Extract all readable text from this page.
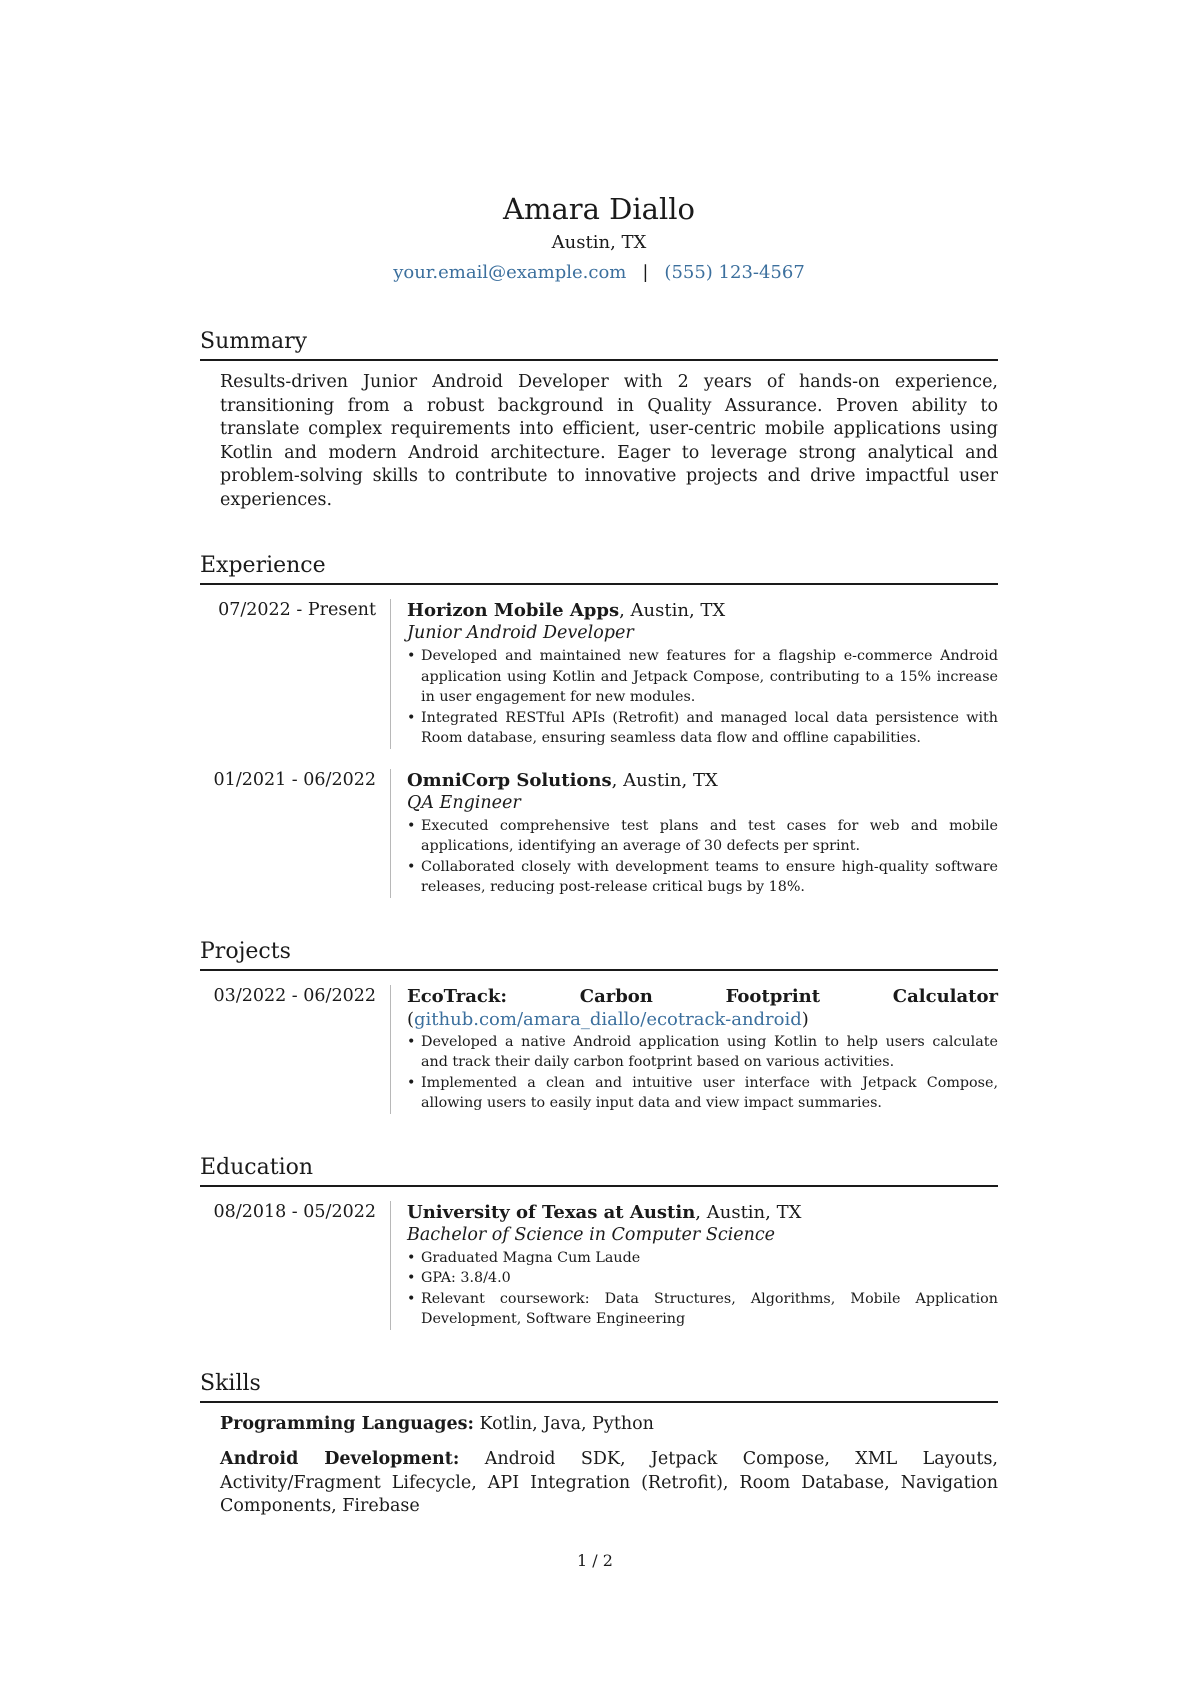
Amara Diallo
Austin, TX
your.email@example.com | (555) 123-4567
Summary

Results-driven Junior Android Developer with 2 years of hands-on experience, transitioning from a robust background in Quality Assurance. Proven ability to translate complex requirements into efficient, user-centric mobile applications using Kotlin and modern Android architecture. Eager to leverage strong analytical and problem-solving skills to contribute to innovative projects and drive impactful user experiences.

Experience
07/2022 - Present	Horizon Mobile Apps, Austin, TX
Junior Android Developer
• Developed and maintained new features for a flagship e-commerce Android application using Kotlin and Jetpack Compose, contributing to a 15% increase in user engagement for new modules.
• Integrated RESTful APIs (Retrofit) and managed local data persistence with Room database, ensuring seamless data flow and offline capabilities.
01/2021 - 06/2022	OmniCorp Solutions, Austin, TX
QA Engineer
• Executed comprehensive test plans and test cases for web and mobile applications, identifying an average of 30 defects per sprint.
• Collaborated closely with development teams to ensure high-quality software releases, reducing post-release critical bugs by 18%.
Projects
03/2022 - 06/2022	EcoTrack: Carbon Footprint Calculator (github.com/amara_diallo/ecotrack-android)
• Developed a native Android application using Kotlin to help users calculate and track their daily carbon footprint based on various activities.
• Implemented a clean and intuitive user interface with Jetpack Compose, allowing users to easily input data and view impact summaries.
Education
08/2018 - 05/2022	University of Texas at Austin, Austin, TX
Bachelor of Science in Computer Science
• Graduated Magna Cum Laude
• GPA: 3.8/4.0
• Relevant coursework: Data Structures, Algorithms, Mobile Application Development, Software Engineering
Skills

Programming Languages: Kotlin, Java, Python

Android Development: Android SDK, Jetpack Compose, XML Layouts, Activity/Fragment Lifecycle, API Integration (Retrofit), Room Database, Navigation Components, Firebase

1 / 2
